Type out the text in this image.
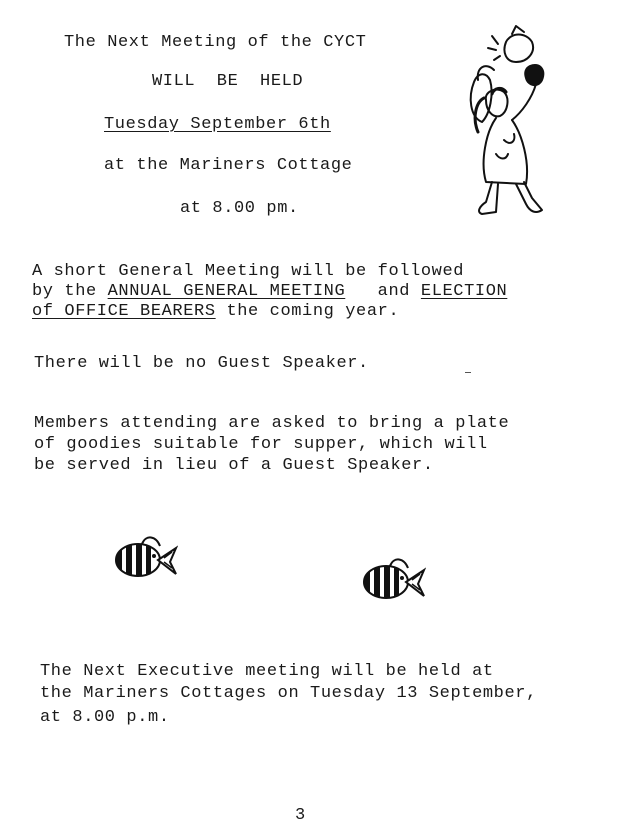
The Next Meeting of the CYCT
WILL  BE  HELD
Tuesday September 6th
at the Mariners Cottage
at 8.00 pm.
A short General Meeting will be followed
by the ANNUAL GENERAL MEETING   and ELECTION
of OFFICE BEARERS the coming year.
There will be no Guest Speaker.
Members attending are asked to bring a plate
of goodies suitable for supper, which will
be served in lieu of a Guest Speaker.
The Next Executive meeting will be held at
the Mariners Cottages on Tuesday 13 September,
at 8.00 p.m.
3
